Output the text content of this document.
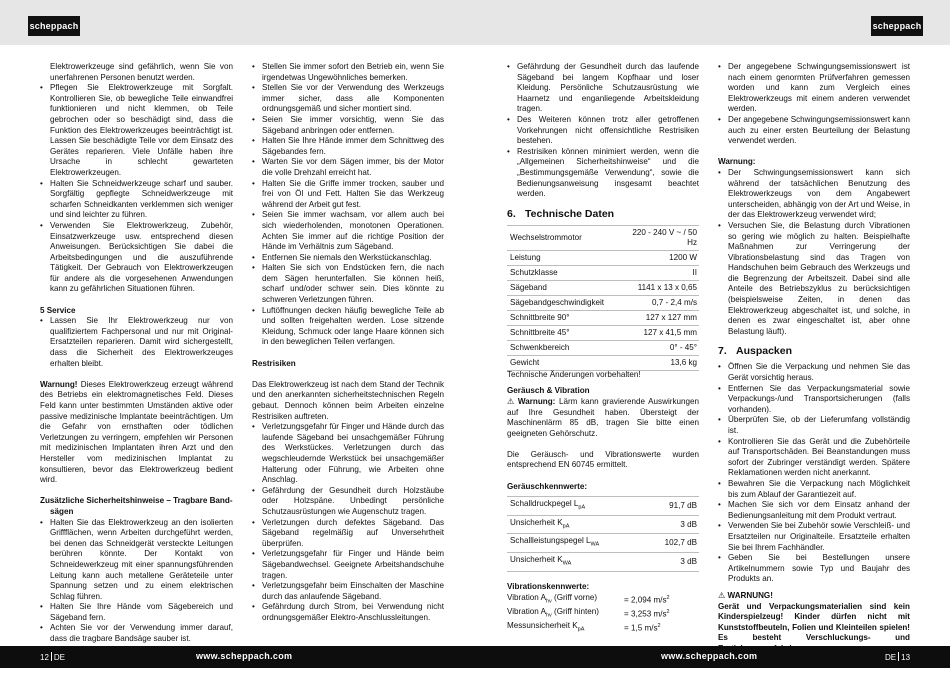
scheppach	scheppach
Elektrowerkzeuge sind gefährlich, wenn Sie von unerfahrenen Personen benutzt werden.
• Pflegen Sie Elektrowerkzeuge mit Sorgfalt. Kontrollieren Sie, ob bewegliche Teile einwandfrei funktionieren und nicht klemmen, ob Teile gebrochen oder so beschädigt sind, dass die Funktion des Elektrowerkzeuges beeinträchtigt ist. Lassen Sie beschädigte Teile vor dem Einsatz des Gerätes reparieren. Viele Unfälle haben ihre Ursache in schlecht gewarteten Elektrowerkzeugen.
• Halten Sie Schneidwerkzeuge scharf und sauber. Sorgfältig gepflegte Schneidwerkzeuge mit scharfen Schneidkanten verklemmen sich weniger und sind leichter zu führen.
• Verwenden Sie Elektrowerkzeug, Zubehör, Einsatzwerkzeuge usw. entsprechend diesen Anweisungen. Berücksichtigen Sie dabei die Arbeitsbedingungen und die auszuführende Tätigkeit. Der Gebrauch von Elektrowerkzeugen für andere als die vorgesehenen Anwendungen kann zu gefährlichen Situationen führen.
5 Service
• Lassen Sie Ihr Elektrowerkzeug nur von qualifiziertem Fachpersonal und nur mit Original-Ersatzteilen reparieren. Damit wird sichergestellt, dass die Sicherheit des Elektrowerkzeuges erhalten bleibt.
Warnung! Dieses Elektrowerkzeug erzeugt während des Betriebs ein elektromagnetisches Feld. Dieses Feld kann unter bestimmten Umständen aktive oder passive medizinische Implantate beeinträchtigen. Um die Gefahr von ernsthaften oder tödlichen Verletzungen zu verringern, empfehlen wir Personen mit medizinischen Implantaten ihren Arzt und den Hersteller vom medizinischen Implantat zu konsultieren, bevor das Elektrowerkzeug bedient wird.
Zusätzliche Sicherheitshinweise – Tragbare Band-
sägen
• Halten Sie das Elektrowerkzeug an den isolierten Griffflächen, wenn Arbeiten durchgeführt werden, bei denen das Schneidgerät versteckte Leitungen berühren könnte. Der Kontakt von Schneidewerkzeug mit einer spannungsführenden Leitung kann auch metallene Geräteteile unter Spannung setzen und zu einem elektrischen Schlag führen.
• Halten Sie Ihre Hände vom Sägebereich und Sägeband fern.
• Achten Sie vor der Verwendung immer darauf, dass die tragbare Bandsäge sauber ist.
• Stellen Sie immer sofort den Betrieb ein, wenn Sie irgendetwas Ungewöhnliches bemerken.
• Stellen Sie vor der Verwendung des Werkzeugs immer sicher, dass alle Komponenten ordnungsgemäß und sicher montiert sind.
• Seien Sie immer vorsichtig, wenn Sie das Sägeband anbringen oder entfernen.
• Halten Sie Ihre Hände immer dem Schnittweg des Sägebandes fern.
• Warten Sie vor dem Sägen immer, bis der Motor die volle Drehzahl erreicht hat.
• Halten Sie die Griffe immer trocken, sauber und frei von Öl und Fett. Halten Sie das Werkzeug während der Arbeit gut fest.
• Seien Sie immer wachsam, vor allem auch bei sich wiederholenden, monotonen Operationen. Achten Sie immer auf die richtige Position der Hände im Verhältnis zum Sägeband.
• Entfernen Sie niemals den Werkstückanschlag.
• Halten Sie sich von Endstücken fern, die nach dem Sägen herunterfallen. Sie können heiß, scharf und/oder schwer sein. Dies könnte zu schweren Verletzungen führen.
• Luftöffnungen decken häufig bewegliche Teile ab und sollten freigehalten werden. Lose sitzende Kleidung, Schmuck oder lange Haare können sich in den beweglichen Teilen verfangen.
Restrisiken
Das Elektrowerkzeug ist nach dem Stand der Technik und den anerkannten sicherheitstechnischen Regeln gebaut. Dennoch können beim Arbeiten einzelne Restrisiken auftreten.
• Verletzungsgefahr für Finger und Hände durch das laufende Sägeband bei unsachgemäßer Führung des Werkstückes. Verletzungen durch das wegschleudernde Werkstück bei unsachgemäßer Halterung oder Führung, wie Arbeiten ohne Anschlag.
• Gefährdung der Gesundheit durch Holzstäube oder Holzspäne. Unbedingt persönliche Schutzausrüstungen wie Augenschutz tragen.
• Verletzungen durch defektes Sägeband. Das Sägeband regelmäßig auf Unversehrtheit überprüfen.
• Verletzungsgefahr für Finger und Hände beim Sägebandwechsel. Geeignete Arbeitshandschuhe tragen.
• Verletzungsgefahr beim Einschalten der Maschine durch das anlaufende Sägeband.
• Gefährdung durch Strom, bei Verwendung nicht ordnungsgemäßer Elektro-Anschlussleitungen.
• Gefährdung der Gesundheit durch das laufende Sägeband bei langem Kopfhaar und loser Kleidung. Persönliche Schutzausrüstung wie Haarnetz und enganliegende Arbeitskleidung tragen.
• Des Weiteren können trotz aller getroffenen Vorkehrungen nicht offensichtliche Restrisiken bestehen.
• Restrisiken können minimiert werden, wenn die „Allgemeinen Sicherheitshinweise“ und die „Bestimmungsgemäße Verwendung“, sowie die Bedienungsanweisung insgesamt beachtet werden.
6. Technische Daten
Wechselstrommotor	220 - 240 V ~ / 50 Hz
Leistung	1200 W
Schutzklasse	II
Sägeband	1141 x 13 x 0,65
Sägebandgeschwindigkeit	0,7 - 2,4 m/s
Schnittbreite 90°	127 x 127 mm
Schnittbreite 45°	127 x 41,5 mm
Schwenkbereich	0° - 45°
Gewicht	13,6 kg
Technische Änderungen vorbehalten!
Geräusch & Vibration
⚠ Warnung: Lärm kann gravierende Auswirkungen auf Ihre Gesundheit haben. Übersteigt der Maschinenlärm 85 dB, tragen Sie bitte einen geeigneten Gehörschutz.
Die Geräusch- und Vibrationswerte wurden entsprechend EN 60745 ermittelt.
Geräuschkennwerte:
Schalldruckpegel $L_{pA}$	91,7 dB
Unsicherheit $K_{pA}$	3 dB
Schallleistungspegel $L_{WA}$	102,7 dB
Unsicherheit $K_{WA}$	3 dB
Vibrationskennwerte:
Vibration $A_{hv}$ (Griff vorne)	= 2,094 $m/s^2$
Vibration $A_{hv}$ (Griff hinten)	= 3,253 $m/s^2$
Messunsicherheit $K_{pA}$	= 1,5 $m/s^2$
• Der angegebene Schwingungsemissionswert ist nach einem genormten Prüfverfahren gemessen worden und kann zum Vergleich eines Elektrowerkzeugs mit einem anderen verwendet werden.
• Der angegebene Schwingungsemissionswert kann auch zu einer ersten Beurteilung der Belastung verwendet werden.
Warnung:
• Der Schwingungsemissionswert kann sich während der tatsächlichen Benutzung des Elektrowerkzeugs von dem Angabewert unterscheiden, abhängig von der Art und Weise, in der das Elektrowerkzeug verwendet wird;
• Versuchen Sie, die Belastung durch Vibrationen so gering wie möglich zu halten. Beispielhafte Maßnahmen zur Verringerung der Vibrationsbelastung sind das Tragen von Handschuhen beim Gebrauch des Werkzeugs und die Begrenzung der Arbeitszeit. Dabei sind alle Anteile des Betriebszyklus zu berücksichtigen (beispielsweise Zeiten, in denen das Elektrowerkzeug abgeschaltet ist, und solche, in denen es zwar eingeschaltet ist, aber ohne Belastung läuft).
7. Auspacken
• Öffnen Sie die Verpackung und nehmen Sie das Gerät vorsichtig heraus.
• Entfernen Sie das Verpackungsmaterial sowie Verpackungs-/und Transportsicherungen (falls vorhanden).
• Überprüfen Sie, ob der Lieferumfang vollständig ist.
• Kontrollieren Sie das Gerät und die Zubehörteile auf Transportschäden. Bei Beanstandungen muss sofort der Zubringer verständigt werden. Spätere Reklamationen werden nicht anerkannt.
• Bewahren Sie die Verpackung nach Möglichkeit bis zum Ablauf der Garantiezeit auf.
• Machen Sie sich vor dem Einsatz anhand der Bedienungsanleitung mit dem Produkt vertraut.
• Verwenden Sie bei Zubehör sowie Verschleiß- und Ersatzteilen nur Originalteile. Ersatzteile erhalten Sie bei Ihrem Fachhändler.
• Geben Sie bei Bestellungen unsere Artikelnummern sowie Typ und Baujahr des Produkts an.
⚠ WARNUNG!
Gerät und Verpackungsmaterialien sind kein Kinderspielzeug! Kinder dürfen nicht mit Kunststoffbeuteln, Folien und Kleinteilen spielen! Es besteht Verschluckungs- und
12 DE	www.scheppach.com	www.scheppach.com	DE 13
